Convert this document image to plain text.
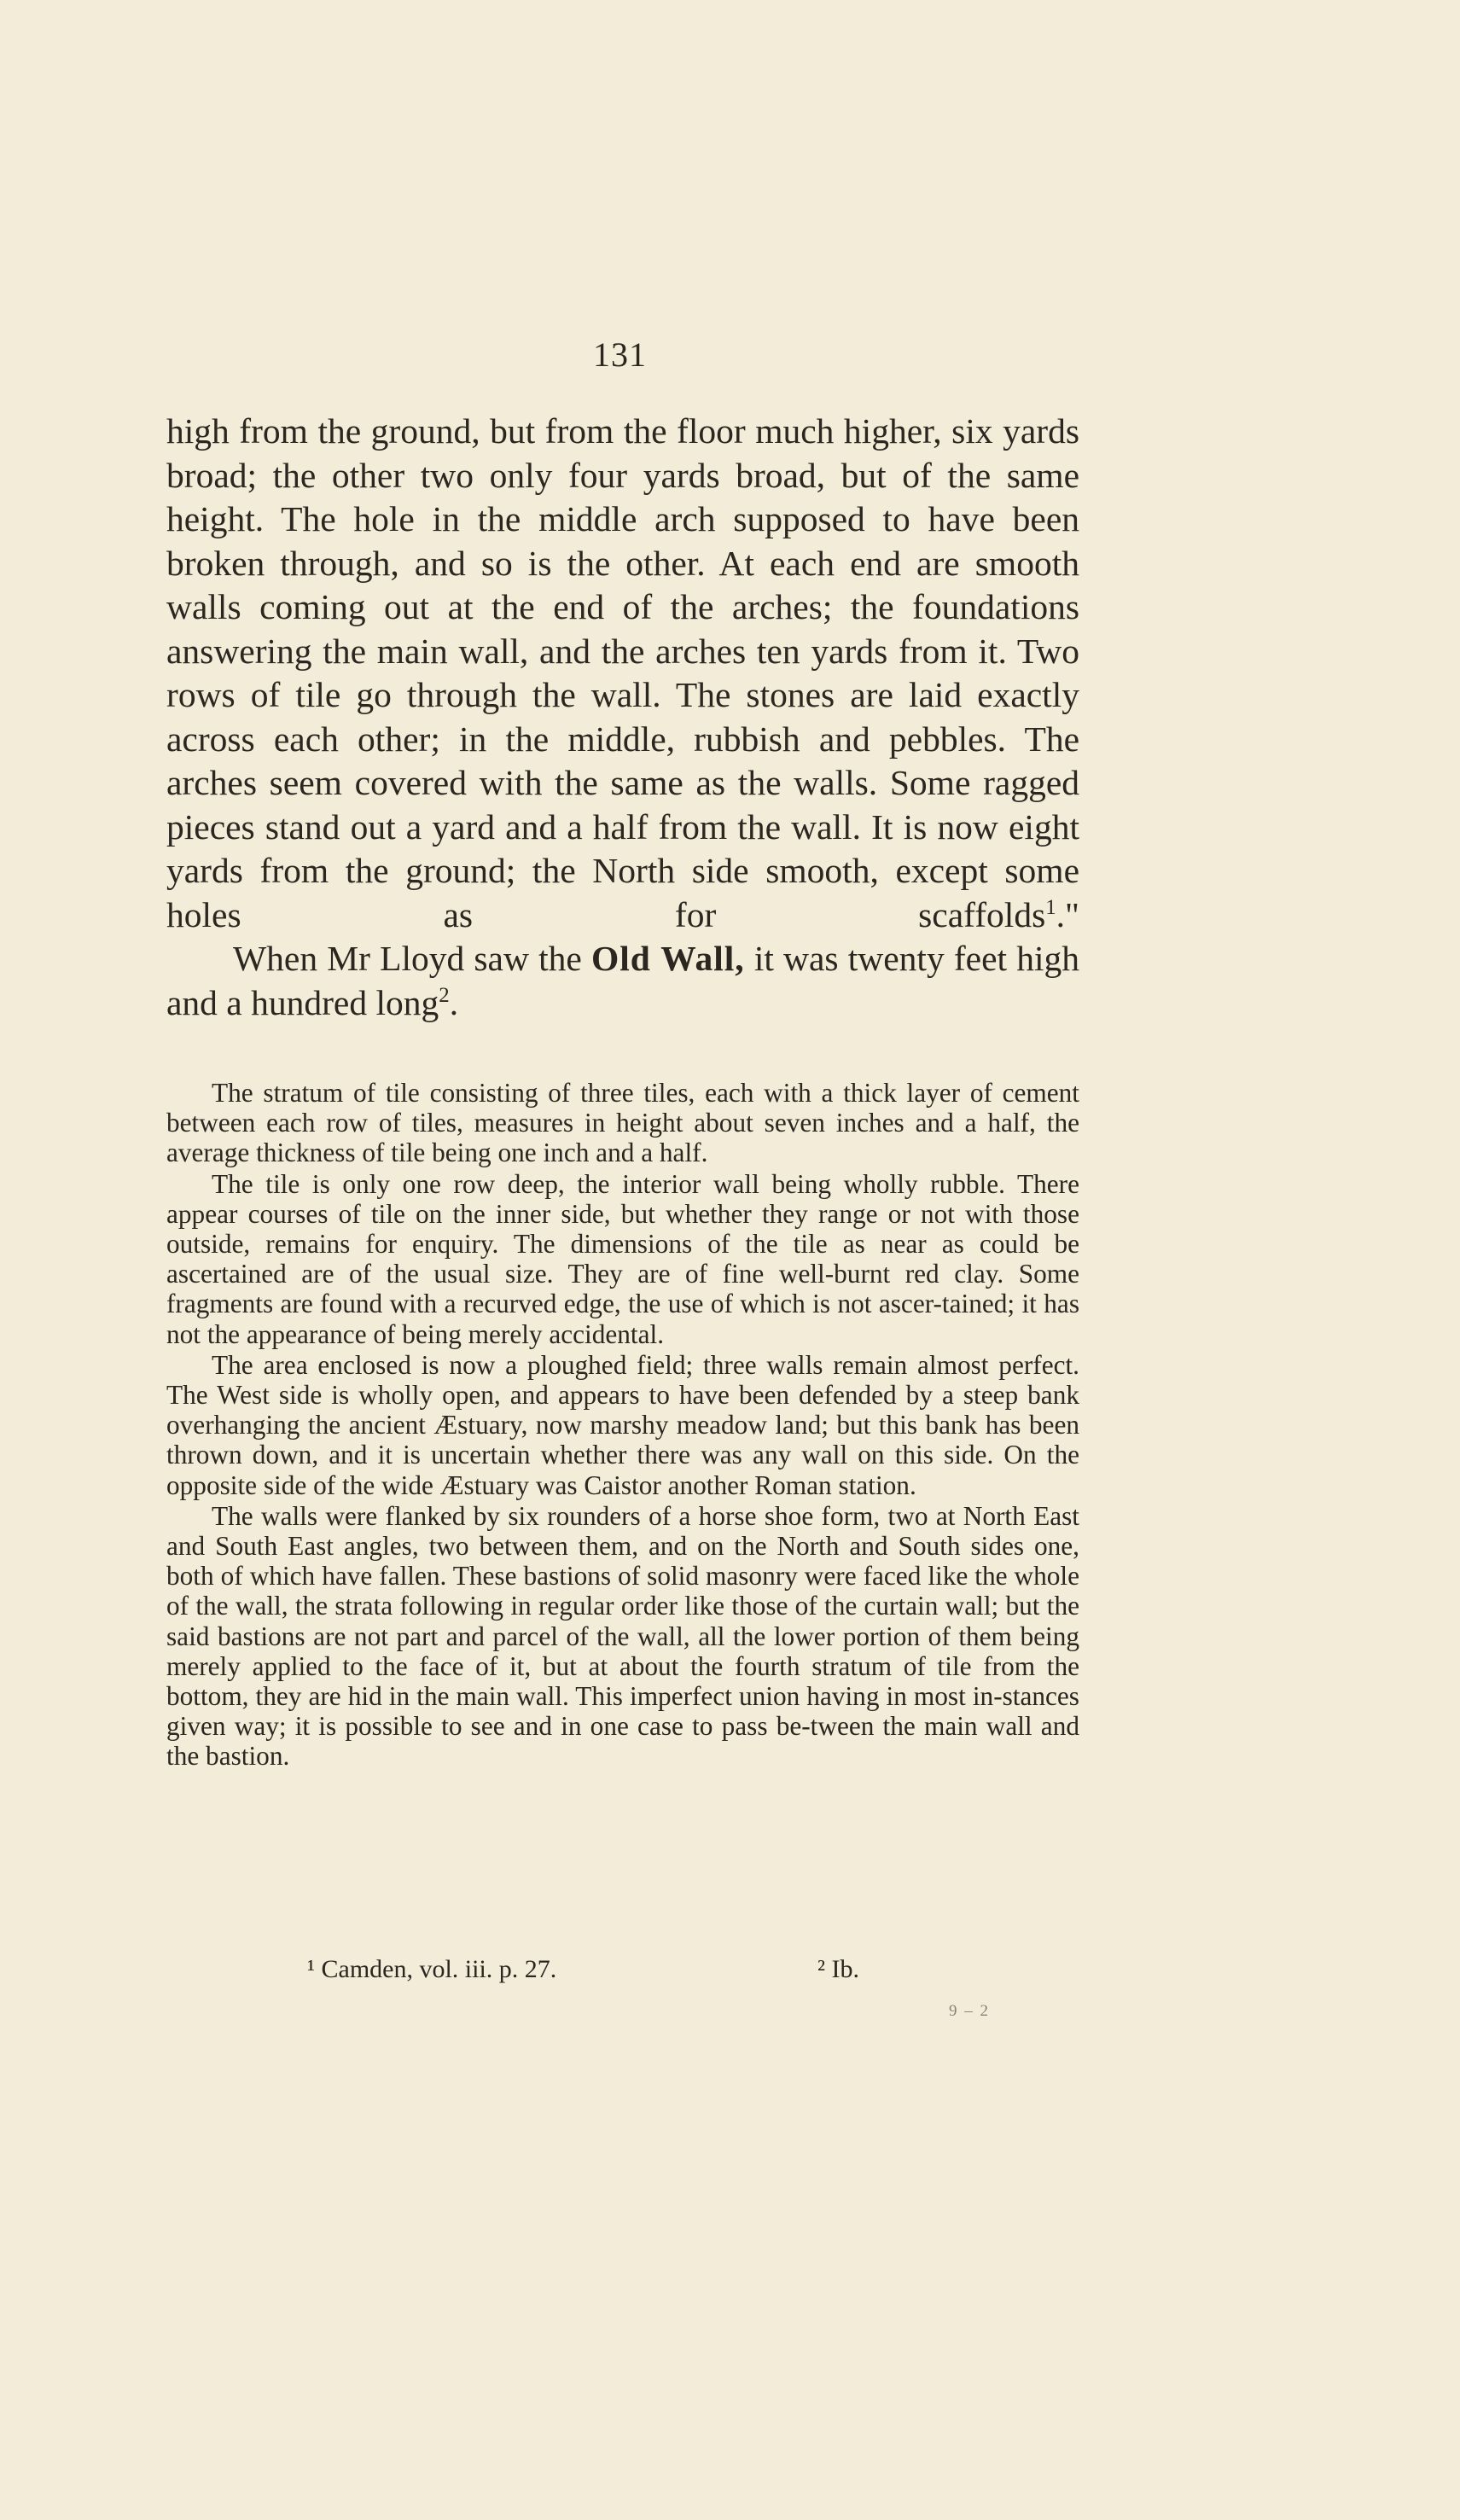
131

high from the ground, but from the floor much higher, six yards broad; the other two only four yards broad, but of the same height. The hole in the middle arch supposed to have been broken through, and so is the other. At each end are smooth walls coming out at the end of the arches; the foundations answering the main wall, and the arches ten yards from it. Two rows of tile go through the wall. The stones are laid exactly across each other; in the middle, rubbish and pebbles. The arches seem covered with the same as the walls. Some ragged pieces stand out a yard and a half from the wall. It is now eight yards from the ground; the North side smooth, except some holes as for scaffolds$^1$."

When Mr Lloyd saw the Old Wall, it was twenty feet high and a hundred long$^2$.

The stratum of tile consisting of three tiles, each with a thick layer of cement between each row of tiles, measures in height about seven inches and a half, the average thickness of tile being one inch and a half.

The tile is only one row deep, the interior wall being wholly rubble. There appear courses of tile on the inner side, but whether they range or not with those outside, remains for enquiry. The dimensions of the tile as near as could be ascertained are of the usual size. They are of fine well-burnt red clay. Some fragments are found with a recurved edge, the use of which is not ascer-tained; it has not the appearance of being merely accidental.

The area enclosed is now a ploughed field; three walls remain almost perfect. The West side is wholly open, and appears to have been defended by a steep bank overhanging the ancient Æstuary, now marshy meadow land; but this bank has been thrown down, and it is uncertain whether there was any wall on this side. On the opposite side of the wide Æstuary was Caistor another Roman station.

The walls were flanked by six rounders of a horse shoe form, two at North East and South East angles, two between them, and on the North and South sides one, both of which have fallen. These bastions of solid masonry were faced like the whole of the wall, the strata following in regular order like those of the curtain wall; but the said bastions are not part and parcel of the wall, all the lower portion of them being merely applied to the face of it, but at about the fourth stratum of tile from the bottom, they are hid in the main wall. This imperfect union having in most in-stances given way; it is possible to see and in one case to pass be-tween the main wall and the bastion.

¹ Camden, vol. iii. p. 27.	² Ib.
9 – 2
